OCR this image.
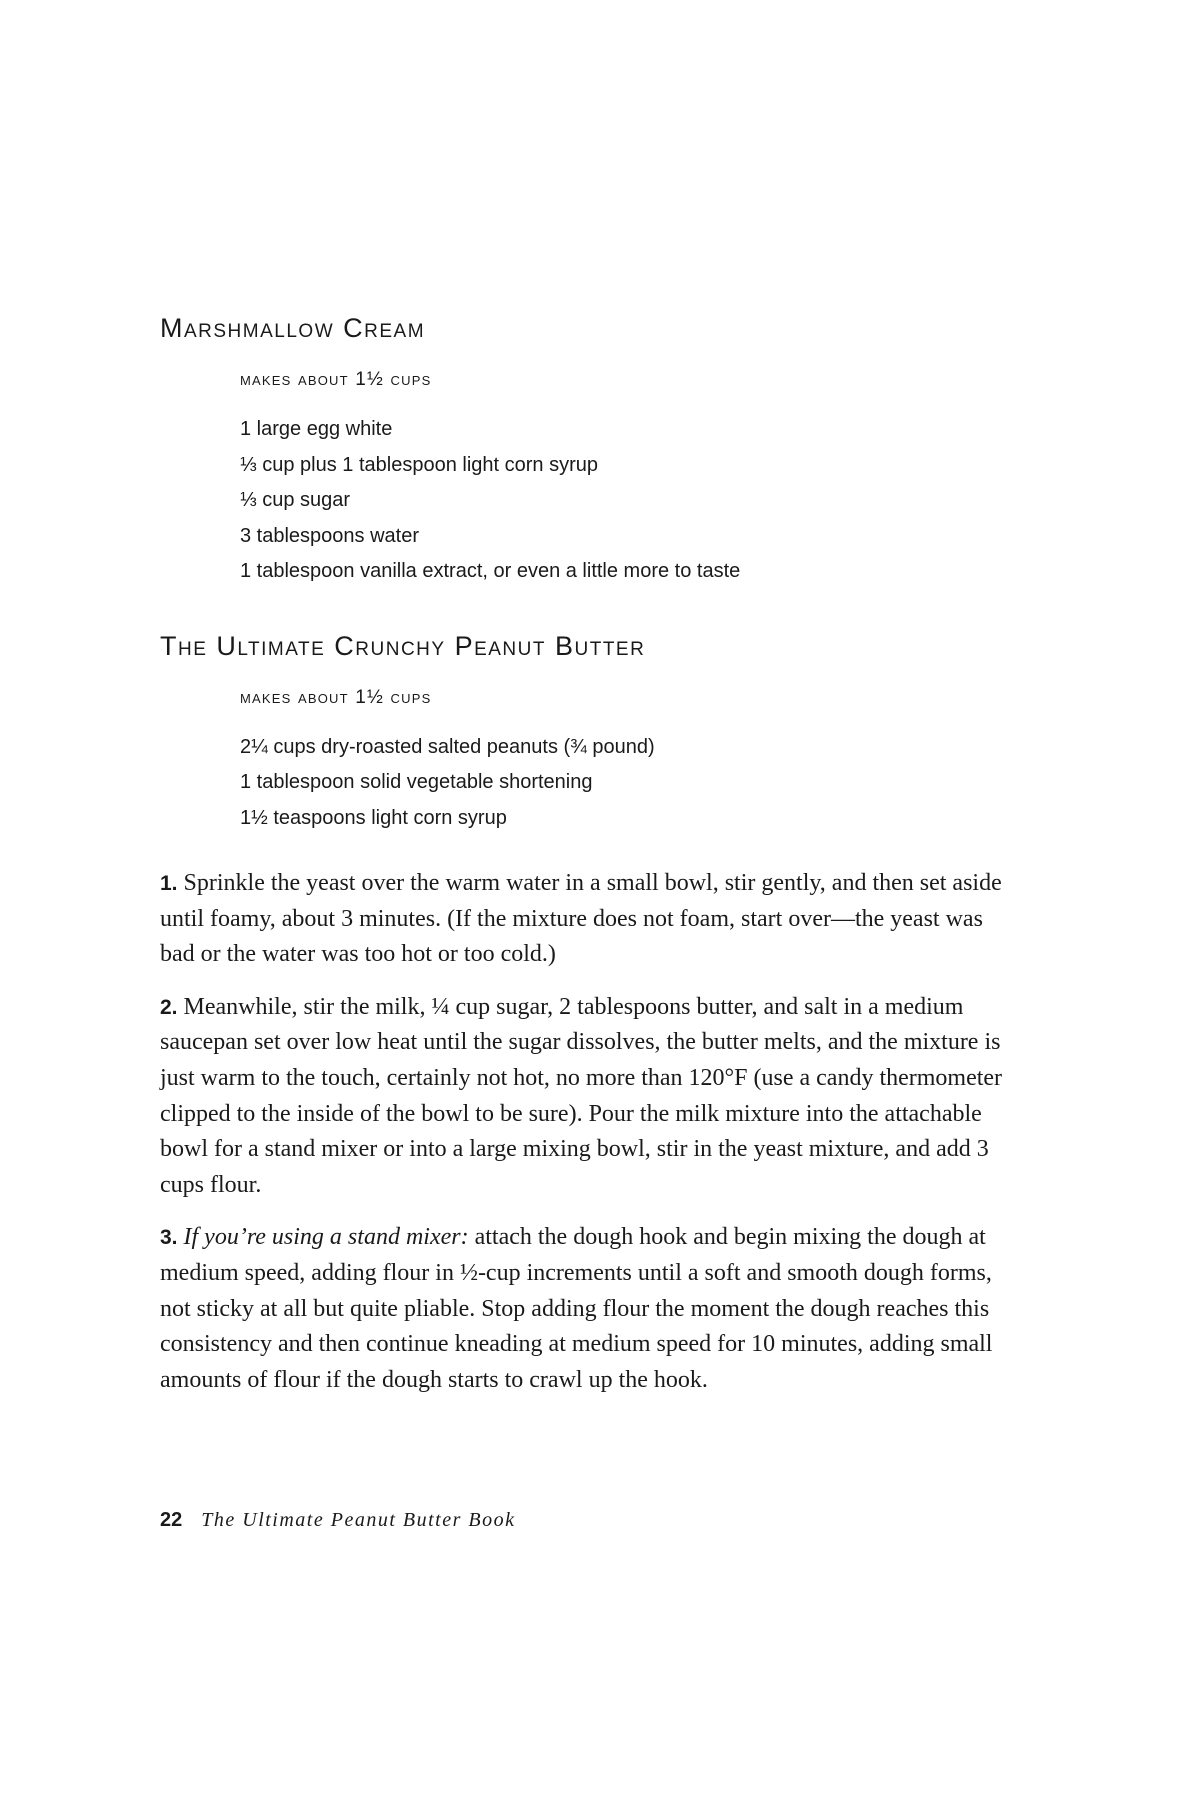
Marshmallow Cream
makes about 1½ cups
1 large egg white
⅓ cup plus 1 tablespoon light corn syrup
⅓ cup sugar
3 tablespoons water
1 tablespoon vanilla extract, or even a little more to taste
The Ultimate Crunchy Peanut Butter
makes about 1½ cups
2¼ cups dry-roasted salted peanuts (¾ pound)
1 tablespoon solid vegetable shortening
1½ teaspoons light corn syrup

1. Sprinkle the yeast over the warm water in a small bowl, stir gently, and then set aside until foamy, about 3 minutes. (If the mixture does not foam, start over—the yeast was bad or the water was too hot or too cold.)

2. Meanwhile, stir the milk, ¼ cup sugar, 2 tablespoons butter, and salt in a medium saucepan set over low heat until the sugar dissolves, the butter melts, and the mixture is just warm to the touch, certainly not hot, no more than 120°F (use a candy thermometer clipped to the inside of the bowl to be sure). Pour the milk mixture into the attachable bowl for a stand mixer or into a large mixing bowl, stir in the yeast mixture, and add 3 cups flour.

3. If you’re using a stand mixer: attach the dough hook and begin mixing the dough at medium speed, adding flour in ½-cup increments until a soft and smooth dough forms, not sticky at all but quite pliable. Stop adding flour the moment the dough reaches this consistency and then continue kneading at medium speed for 10 minutes, adding small amounts of flour if the dough starts to crawl up the hook.

22 The Ultimate Peanut Butter Book
